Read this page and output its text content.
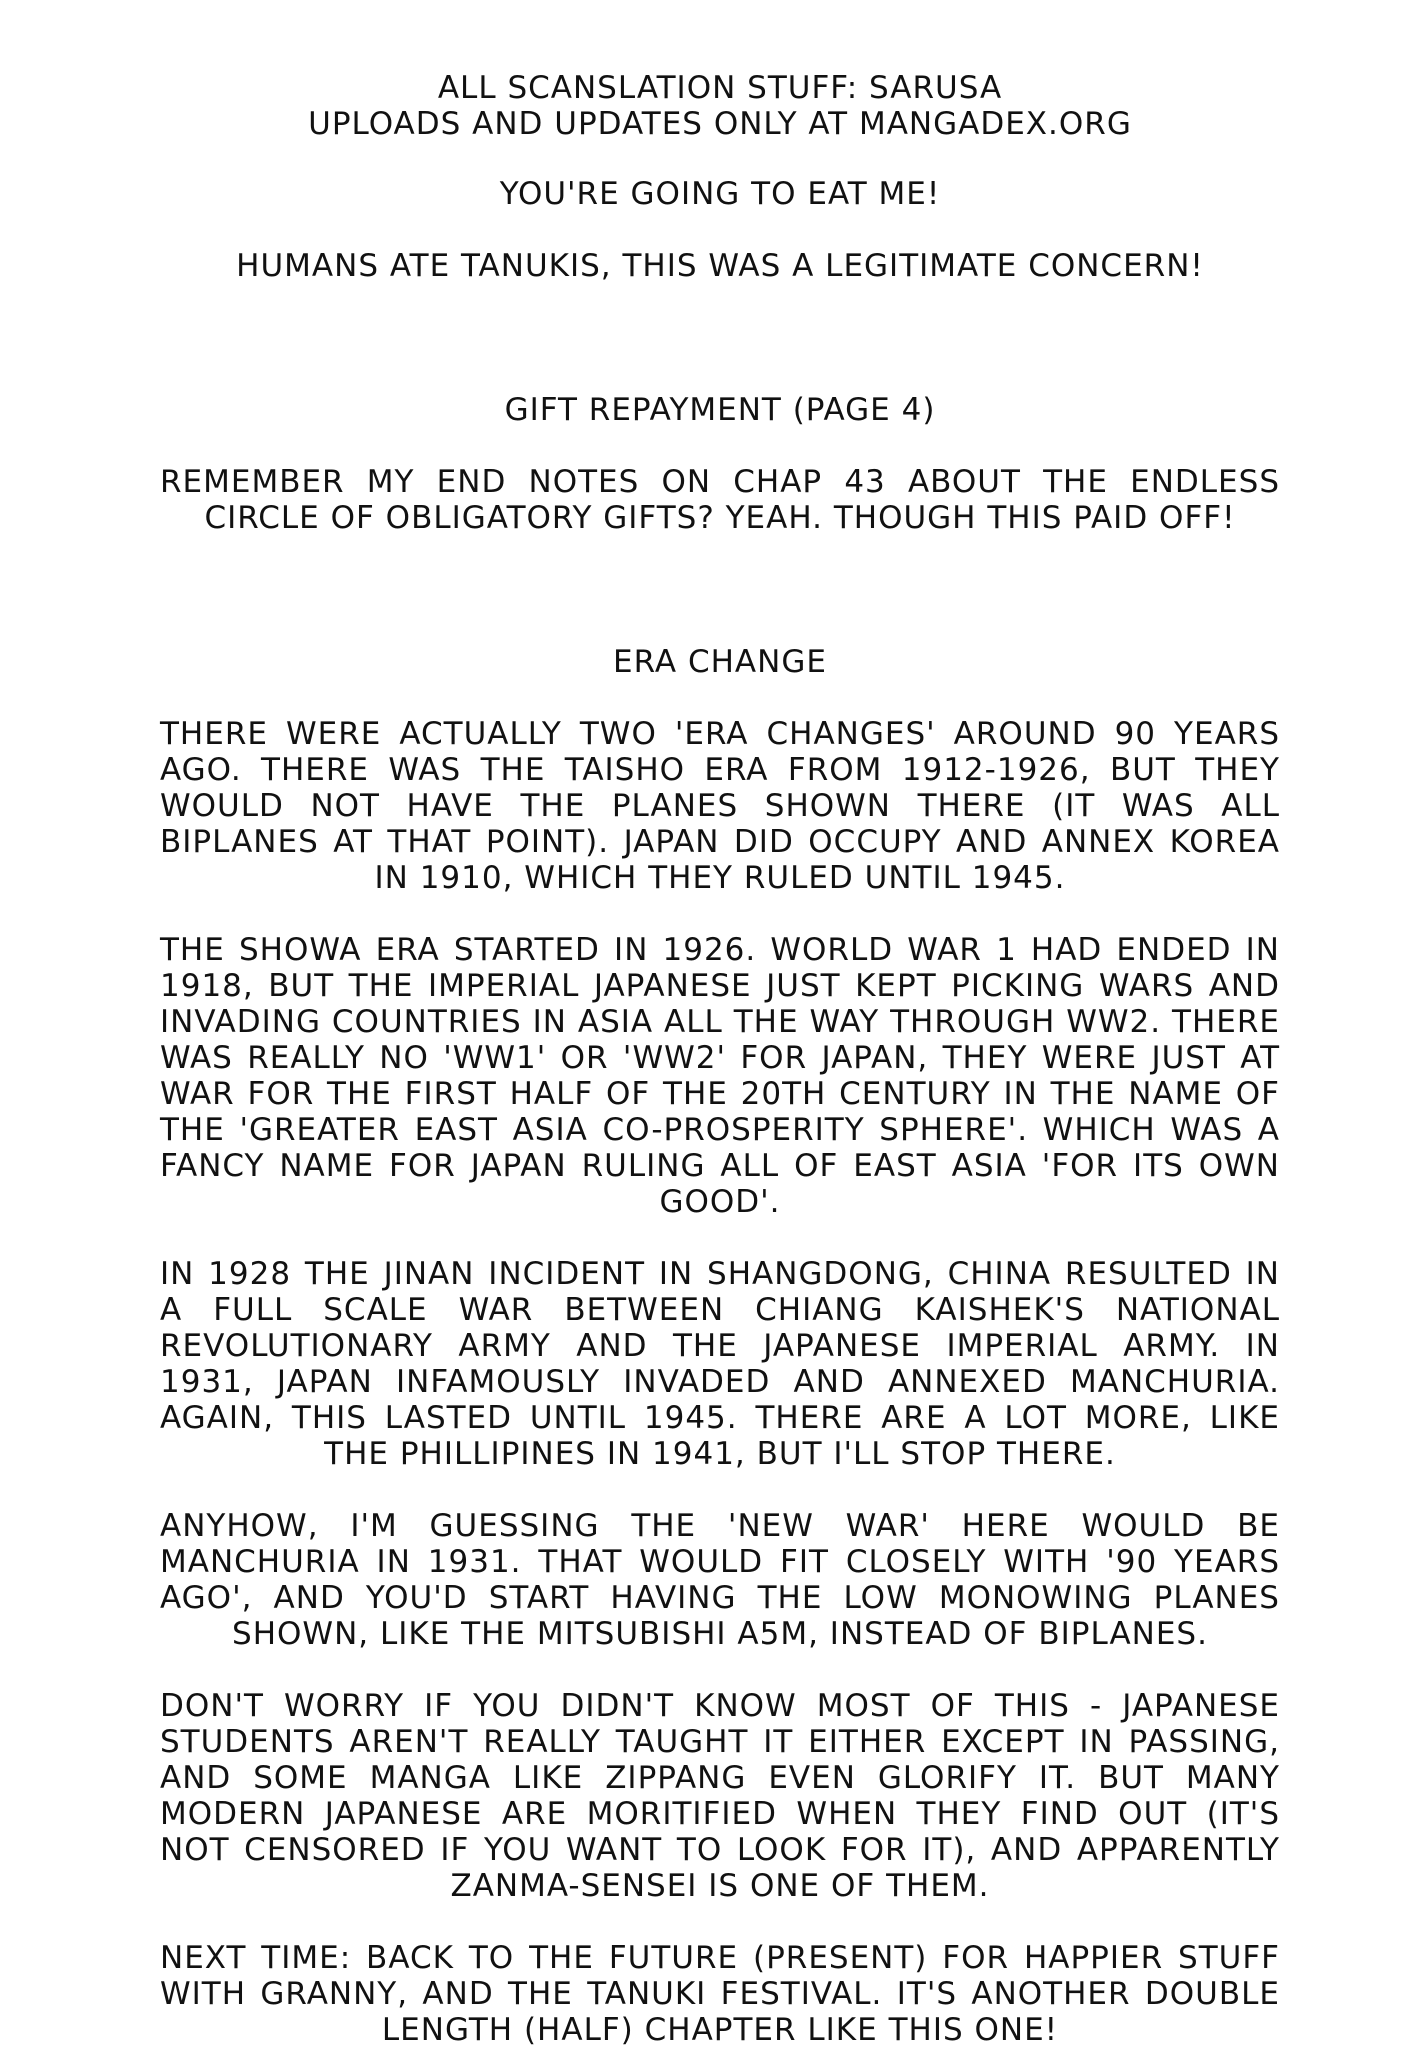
ALL SCANSLATION STUFF: SARUSA

UPLOADS AND UPDATES ONLY AT MANGADEX.ORG

YOU'RE GOING TO EAT ME!

HUMANS ATE TANUKIS, THIS WAS A LEGITIMATE CONCERN!

GIFT REPAYMENT (PAGE 4)

REMEMBER MY END NOTES ON CHAP 43 ABOUT THE ENDLESS CIRCLE OF OBLIGATORY GIFTS? YEAH. THOUGH THIS PAID OFF!

ERA CHANGE

THERE WERE ACTUALLY TWO 'ERA CHANGES' AROUND 90 YEARS AGO. THERE WAS THE TAISHO ERA FROM 1912-1926, BUT THEY WOULD NOT HAVE THE PLANES SHOWN THERE (IT WAS ALL BIPLANES AT THAT POINT). JAPAN DID OCCUPY AND ANNEX KOREA IN 1910, WHICH THEY RULED UNTIL 1945.

THE SHOWA ERA STARTED IN 1926. WORLD WAR 1 HAD ENDED IN 1918, BUT THE IMPERIAL JAPANESE JUST KEPT PICKING WARS AND INVADING COUNTRIES IN ASIA ALL THE WAY THROUGH WW2. THERE WAS REALLY NO 'WW1' OR 'WW2' FOR JAPAN, THEY WERE JUST AT WAR FOR THE FIRST HALF OF THE 20TH CENTURY IN THE NAME OF THE 'GREATER EAST ASIA CO-PROSPERITY SPHERE'. WHICH WAS A FANCY NAME FOR JAPAN RULING ALL OF EAST ASIA 'FOR ITS OWN GOOD'.

IN 1928 THE JINAN INCIDENT IN SHANGDONG, CHINA RESULTED IN A FULL SCALE WAR BETWEEN CHIANG KAISHEK'S NATIONAL REVOLUTIONARY ARMY AND THE JAPANESE IMPERIAL ARMY. IN 1931, JAPAN INFAMOUSLY INVADED AND ANNEXED MANCHURIA. AGAIN, THIS LASTED UNTIL 1945. THERE ARE A LOT MORE, LIKE THE PHILLIPINES IN 1941, BUT I'LL STOP THERE.

ANYHOW, I'M GUESSING THE 'NEW WAR' HERE WOULD BE MANCHURIA IN 1931. THAT WOULD FIT CLOSELY WITH '90 YEARS AGO', AND YOU'D START HAVING THE LOW MONOWING PLANES SHOWN, LIKE THE MITSUBISHI A5M, INSTEAD OF BIPLANES.

DON'T WORRY IF YOU DIDN'T KNOW MOST OF THIS - JAPANESE STUDENTS AREN'T REALLY TAUGHT IT EITHER EXCEPT IN PASSING, AND SOME MANGA LIKE ZIPPANG EVEN GLORIFY IT. BUT MANY MODERN JAPANESE ARE MORITIFIED WHEN THEY FIND OUT (IT'S NOT CENSORED IF YOU WANT TO LOOK FOR IT), AND APPARENTLY ZANMA-SENSEI IS ONE OF THEM.

NEXT TIME: BACK TO THE FUTURE (PRESENT) FOR HAPPIER STUFF WITH GRANNY, AND THE TANUKI FESTIVAL. IT'S ANOTHER DOUBLE LENGTH (HALF) CHAPTER LIKE THIS ONE!
